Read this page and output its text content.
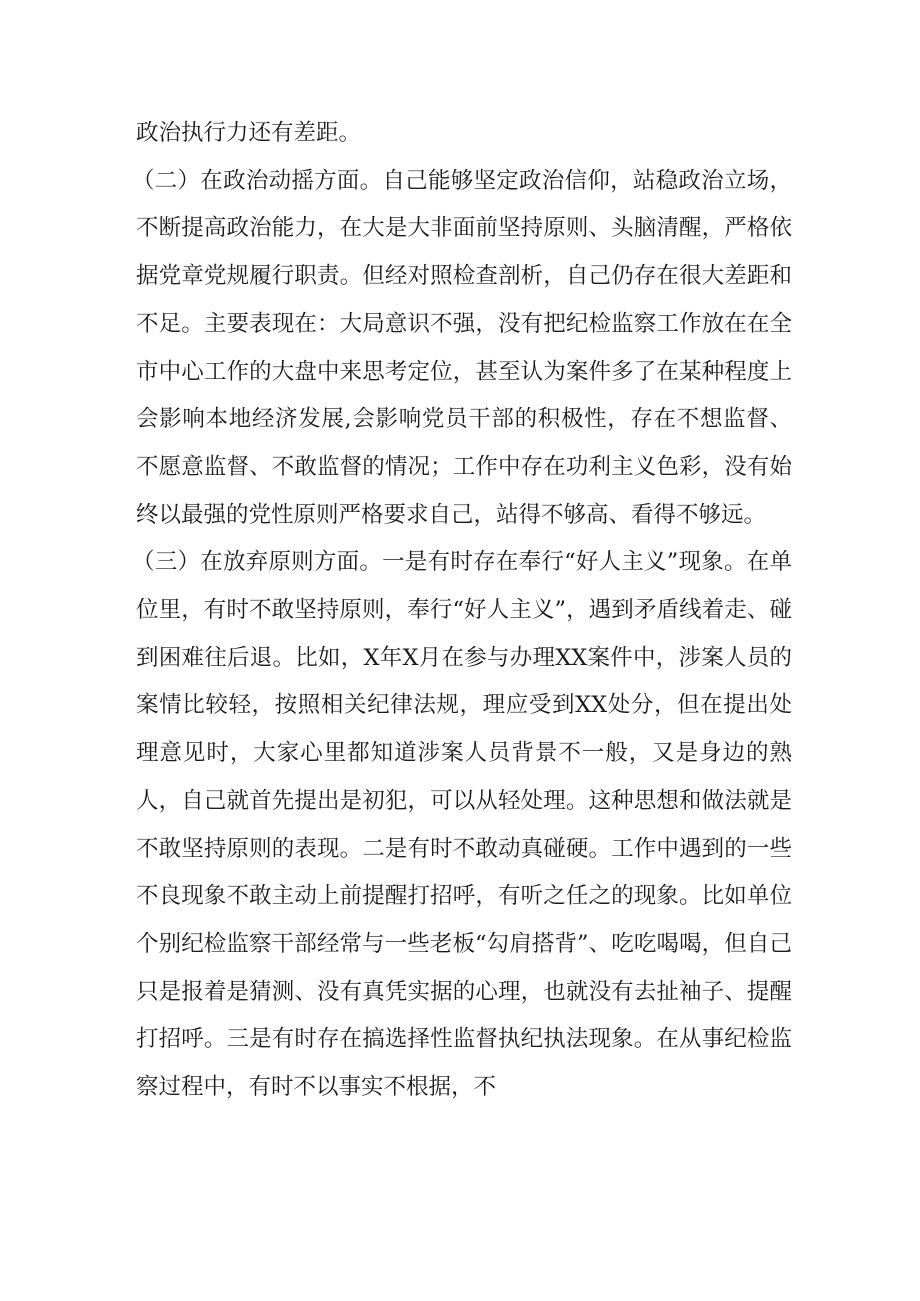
政治执行力还有差距。

（二）在政治动摇方面。自己能够坚定政治信仰，站稳政治立场，不断提高政治能力，在大是大非面前坚持原则、头脑清醒，严格依据党章党规履行职责。但经对照检查剖析，自己仍存在很大差距和不足。主要表现在：大局意识不强，没有把纪检监察工作放在在全市中心工作的大盘中来思考定位，甚至认为案件多了在某种程度上会影响本地经济发展,会影响党员干部的积极性，存在不想监督、不愿意监督、不敢监督的情况；工作中存在功利主义色彩，没有始终以最强的党性原则严格要求自己，站得不够高、看得不够远。

（三）在放弃原则方面。一是有时存在奉行“好人主义”现象。在单位里，有时不敢坚持原则，奉行“好人主义”，遇到矛盾线着走、碰到困难往后退。比如，X年X月在参与办理XX案件中，涉案人员的案情比较轻，按照相关纪律法规，理应受到XX处分，但在提出处理意见时，大家心里都知道涉案人员背景不一般，又是身边的熟人，自己就首先提出是初犯，可以从轻处理。这种思想和做法就是不敢坚持原则的表现。二是有时不敢动真碰硬。工作中遇到的一些不良现象不敢主动上前提醒打招呼，有听之任之的现象。比如单位个别纪检监察干部经常与一些老板“勾肩搭背”、吃吃喝喝，但自己只是报着是猜测、没有真凭实据的心理，也就没有去扯袖子、提醒打招呼。三是有时存在搞选择性监督执纪执法现象。在从事纪检监察过程中，有时不以事实不根据，不
